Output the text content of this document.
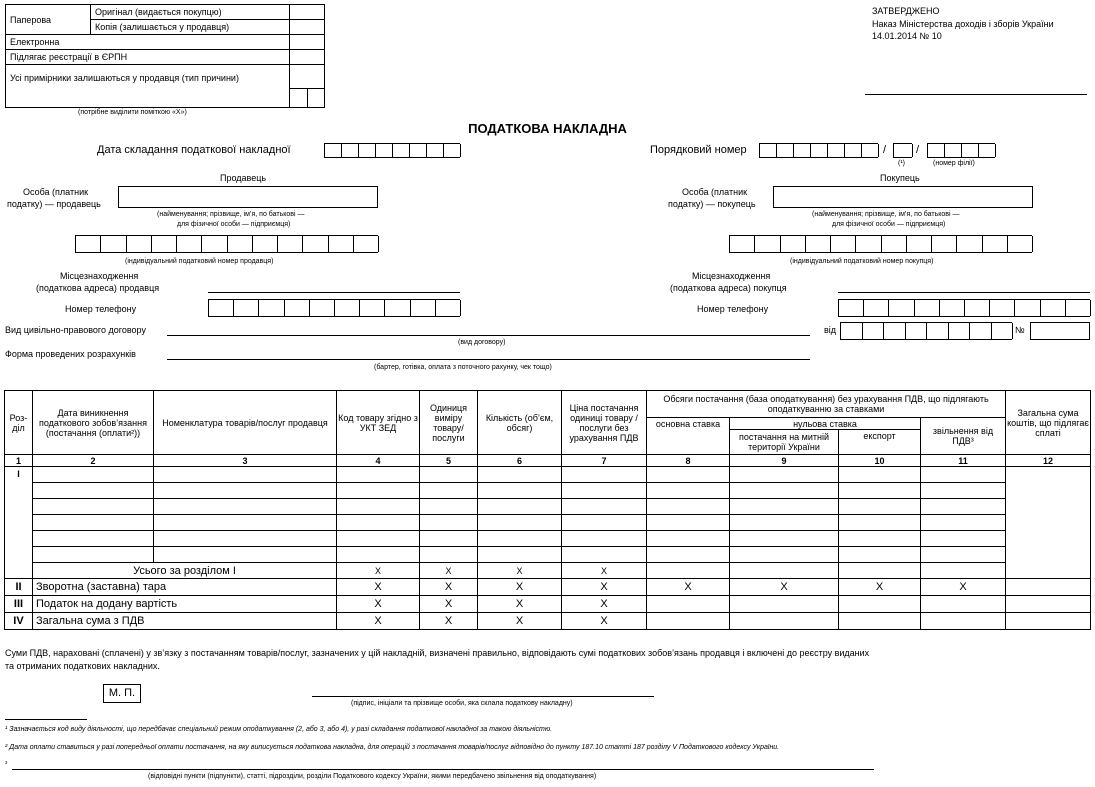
Паперова	Оригінал (видається покупцю)	
	Копія (залишається у продавця)	
Електронна		
Підлягає реєстрації в ЄРПН		
Усі примірники залишаються у продавця (тип причини)		
(потрібне виділити поміткою «Х»)
ЗАТВЕРДЖЕНО
Наказ Міністерства доходів і зборів України
14.01.2014 № 10
ПОДАТКОВА НАКЛАДНА
Дата складання податкової накладної	Порядковий номер	/	/
(¹)	(номер філії)
Продавець
Особа (платник
податку) — продавець
(найменування; прізвище, ім’я, по батькові —
для фізичної особи — підприємця)
(індивідуальний податковий номер продавця)
Місцезнаходження
(податкова адреса) продавця
Номер телефону
Покупець
Особа (платник
податку) — покупець
(найменування; прізвище, ім’я, по батькові —
для фізичної особи — підприємця)
(індивідуальний податковий номер покупця)
Місцезнаходження
(податкова адреса) покупця
Номер телефону
Вид цивільно-правового договору
(вид договору)
від	№
Форма проведених розрахунків
(бартер, готівка, оплата з поточного рахунку, чек тощо)
Роз-діл	Дата виникнення податкового зобов’язання (постачання (оплати²))	Номенклатура товарів/послуг продавця	Код товару згідно з УКТ ЗЕД	Одиниця виміру товару/ послуги	Кількість (об’єм, обсяг)	Ціна постачання одиниці товару / послуги без урахування ПДВ	Обсяги постачання (база оподаткування) без урахування ПДВ, що підлягають оподаткуванню за ставками				Загальна сума коштів, що підлягає сплаті
							основна ставка	нульова ставка		звільнення від ПДВ³	
								постачання на митній території України	експорт		
1	2	3	4	5	6	7	8	9	10	11	12
I											

	Усього за розділом I		Х	Х	Х	Х					
II	Зворотна (заставна) тара		Х	Х	Х	Х	Х	Х	Х	Х	
III	Податок на додану вартість		Х	Х	Х	Х					
IV	Загальна сума з ПДВ		Х	Х	Х	Х					
Суми ПДВ, нараховані (сплачені) у зв’язку з постачанням товарів/послуг, зазначених у цій накладній, визначені правильно, відповідають сумі податкових зобов’язань продавця і включені до реєстру виданих
та отриманих податкових накладних.
М. П.
(підпис, ініціали та прізвище особи, яка склала податкову накладну)
¹ Зазначається код виду діяльності, що передбачає спеціальний режим оподаткування (2, або 3, або 4), у разі складання податкової накладної за такою діяльністю.
² Дата оплати ставиться у разі попередньої оплати постачання, на яку виписується податкова накладна, для операцій з постачання товарів/послуг відповідно до пункту 187.10 статті 187 розділу V Податкового кодексу України.
³
(відповідні пункти (підпункти), статті, підрозділи, розділи Податкового кодексу України, якими передбачено звільнення від оподаткування)
